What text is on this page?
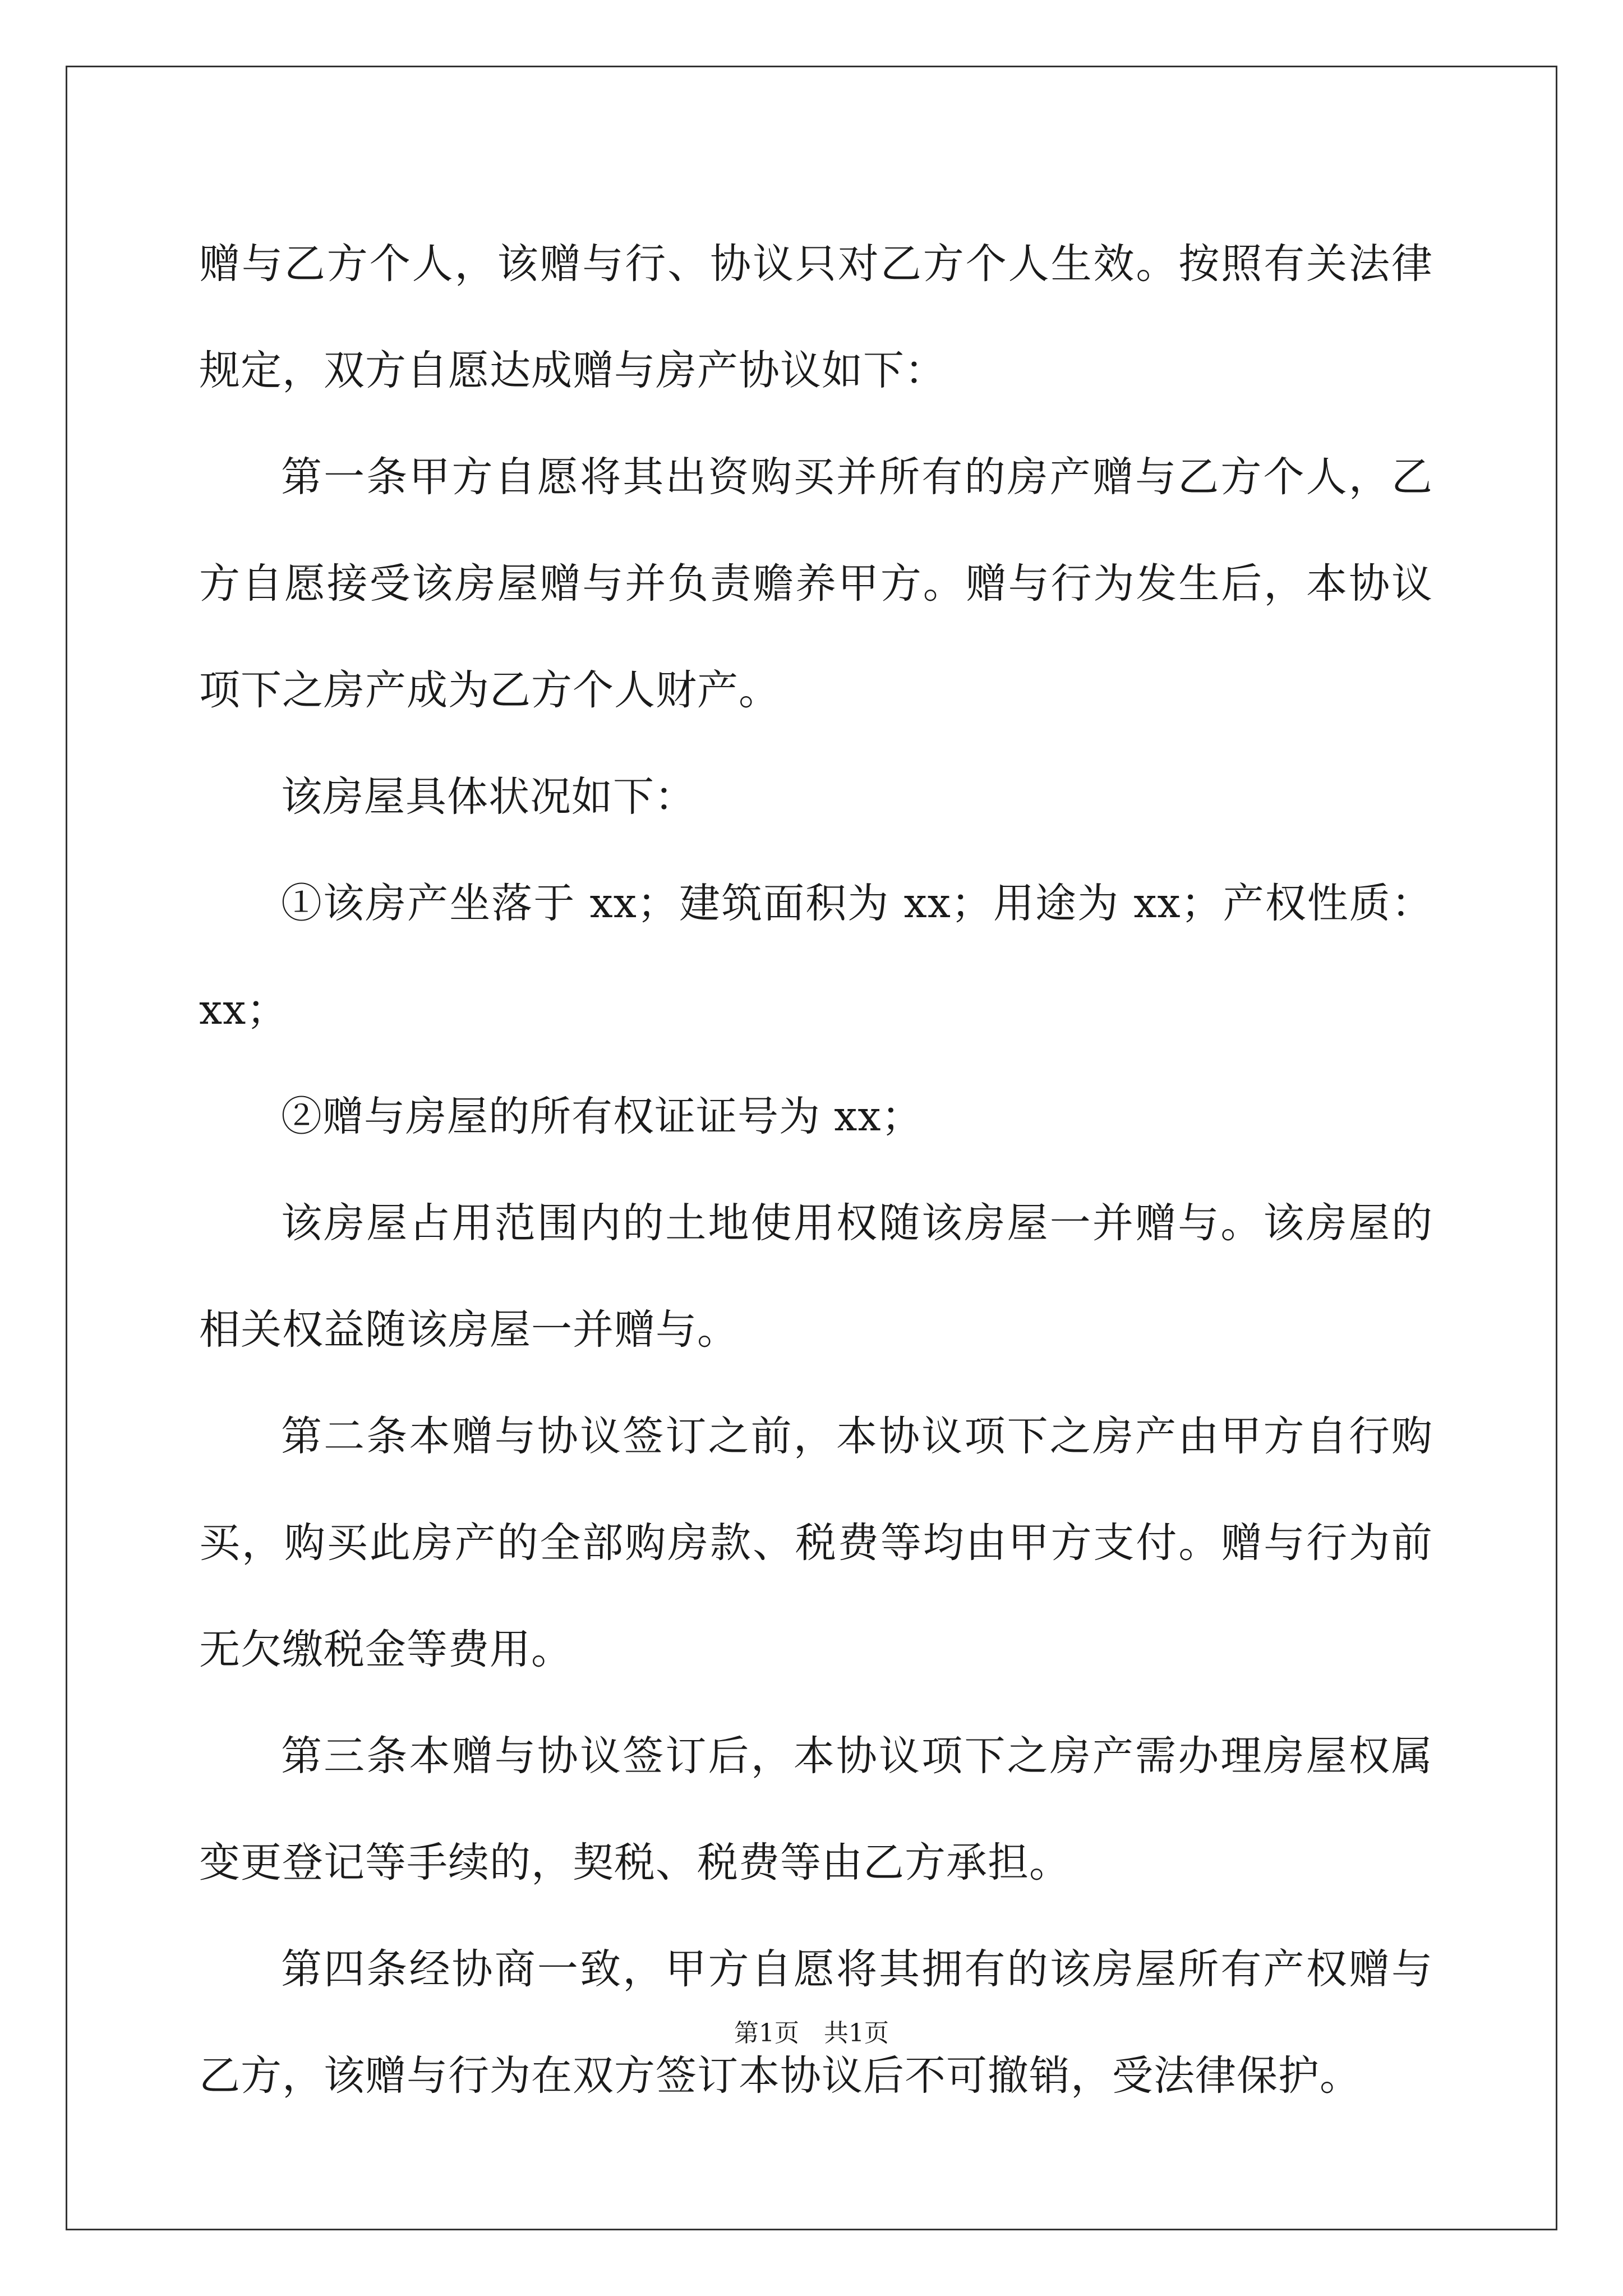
赠与乙方个人，该赠与行、协议只对乙方个人生效。按照有关法律规定，双方自愿达成赠与房产协议如下：

第一条甲方自愿将其出资购买并所有的房产赠与乙方个人，乙方自愿接受该房屋赠与并负责赡养甲方。赠与行为发生后，本协议项下之房产成为乙方个人财产。

该房屋具体状况如下：

①该房产坐落于 xx；建筑面积为 xx；用途为 xx；产权性质：xx；

②赠与房屋的所有权证证号为 xx；

该房屋占用范围内的土地使用权随该房屋一并赠与。该房屋的相关权益随该房屋一并赠与。

第二条本赠与协议签订之前，本协议项下之房产由甲方自行购买，购买此房产的全部购房款、税费等均由甲方支付。赠与行为前无欠缴税金等费用。

第三条本赠与协议签订后，本协议项下之房产需办理房屋权属变更登记等手续的，契税、税费等由乙方承担。

第四条经协商一致，甲方自愿将其拥有的该房屋所有产权赠与乙方，该赠与行为在双方签订本协议后不可撤销，受法律保护。

第1页　共1页
